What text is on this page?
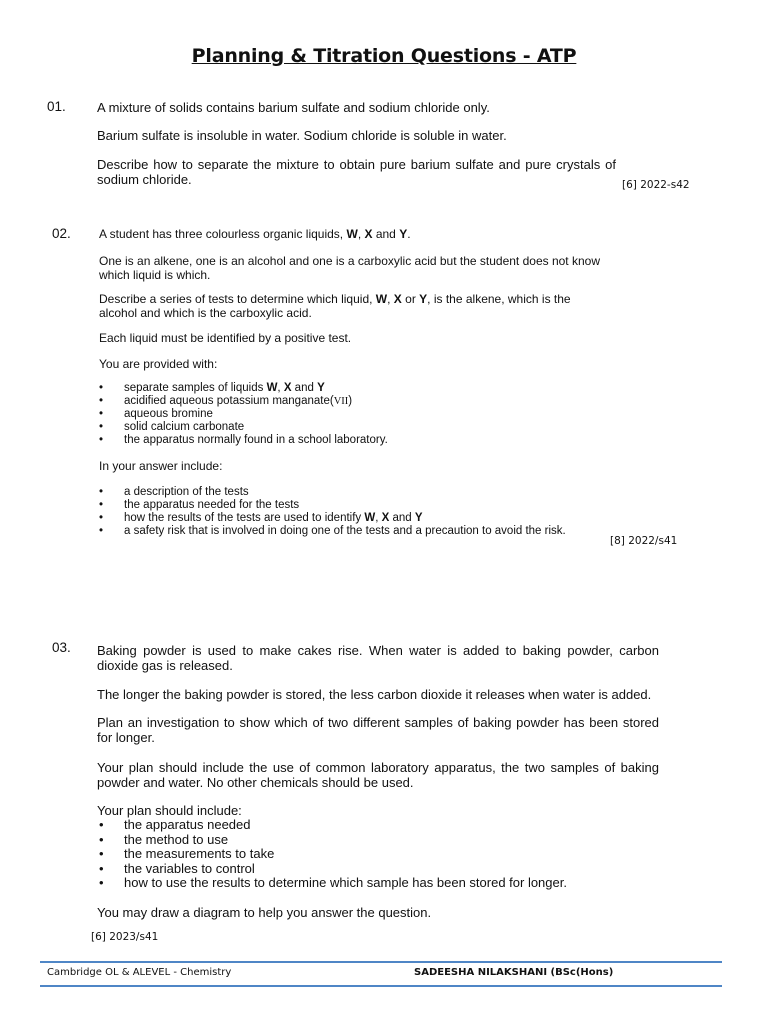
Planning & Titration Questions - ATP
01. A mixture of solids contains barium sulfate and sodium chloride only.

Barium sulfate is insoluble in water. Sodium chloride is soluble in water.

Describe how to separate the mixture to obtain pure barium sulfate and pure crystals of sodium chloride.	[6] 2022-s42
02. A student has three colourless organic liquids, W, X and Y.

One is an alkene, one is an alcohol and one is a carboxylic acid but the student does not know which liquid is which.

Describe a series of tests to determine which liquid, W, X or Y, is the alkene, which is the alcohol and which is the carboxylic acid.

Each liquid must be identified by a positive test.

You are provided with:

• separate samples of liquids W, X and Y
• acidified aqueous potassium manganate(VII)
• aqueous bromine
• solid calcium carbonate
• the apparatus normally found in a school laboratory.

In your answer include:

• a description of the tests
• the apparatus needed for the tests
• how the results of the tests are used to identify W, X and Y
• a safety risk that is involved in doing one of the tests and a precaution to avoid the risk.
[8] 2022/s41
03. Baking powder is used to make cakes rise. When water is added to baking powder, carbon dioxide gas is released.

The longer the baking powder is stored, the less carbon dioxide it releases when water is added.

Plan an investigation to show which of two different samples of baking powder has been stored for longer.

Your plan should include the use of common laboratory apparatus, the two samples of baking powder and water. No other chemicals should be used.

Your plan should include:

• the apparatus needed
• the method to use
• the measurements to take
• the variables to control
• how to use the results to determine which sample has been stored for longer.

You may draw a diagram to help you answer the question.

[6] 2023/s41
Cambridge OL & ALEVEL - Chemistry	SADEESHA NILAKSHANI (BSc(Hons)
